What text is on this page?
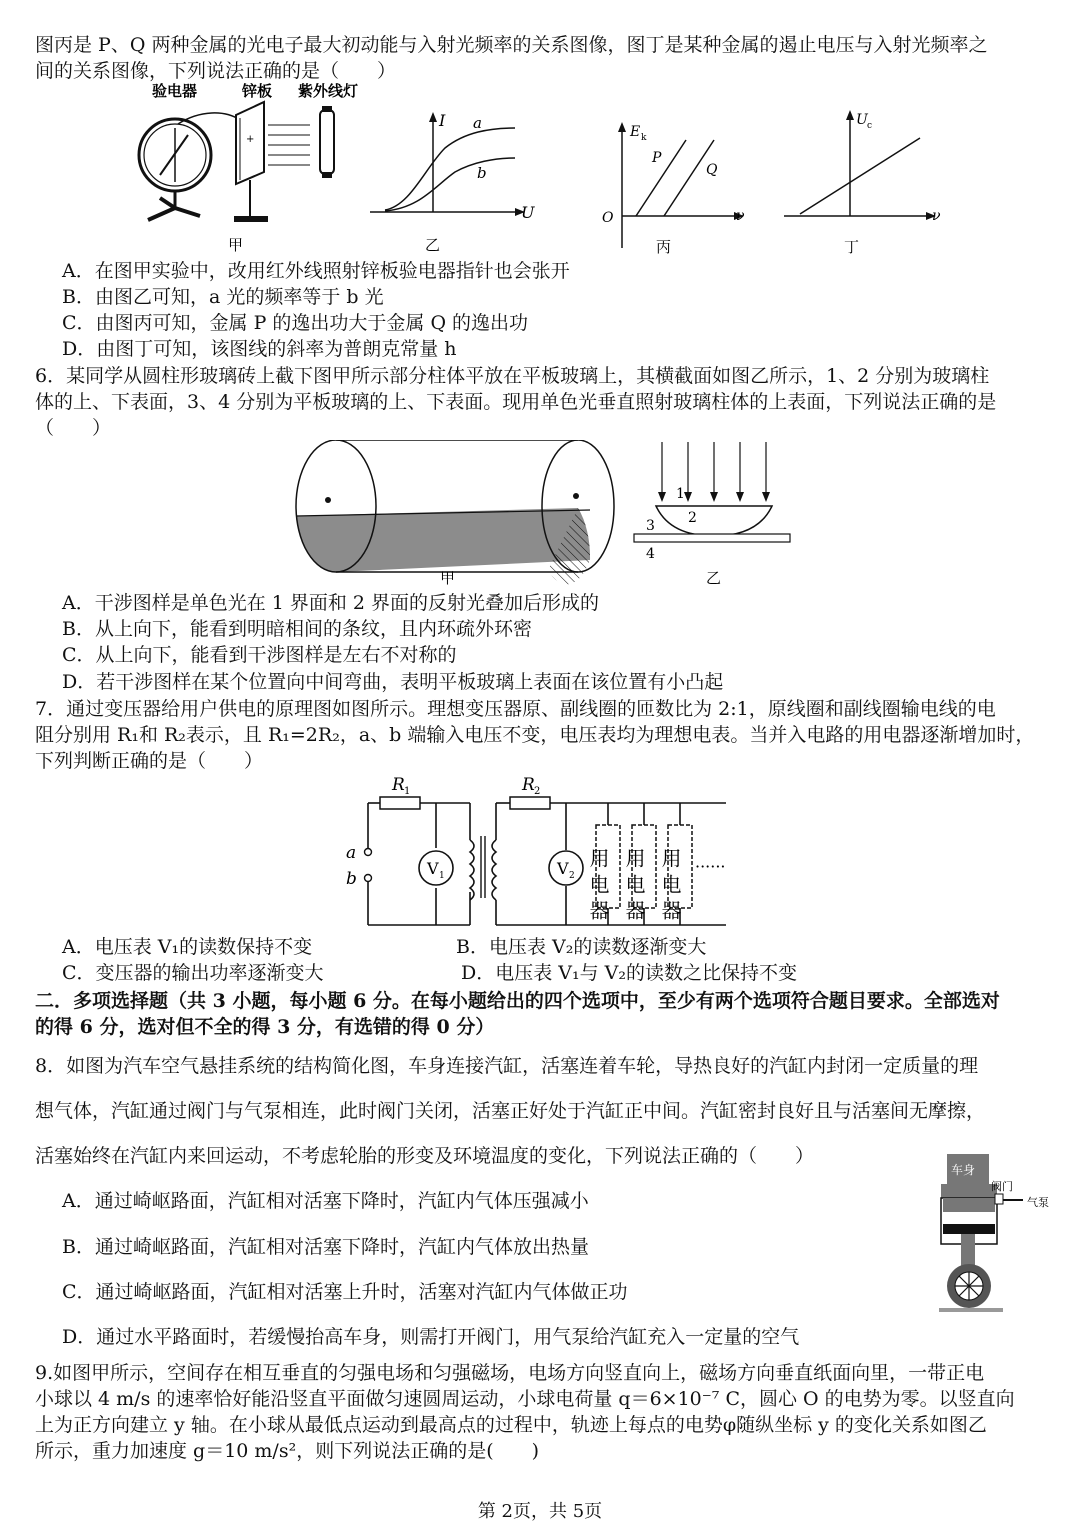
图丙是 P、Q 两种金属的光电子最大初动能与入射光频率的关系图像，图丁是某种金属的遏止电压与入射光频率之
间的关系图像，下列说法正确的是（　　）
验电器	锌板 紫外线灯
+
甲
I
U
a
b
乙
E k
O	ν
P
Q
丙
U c
ν
丁
A．在图甲实验中，改用红外线照射锌板验电器指针也会张开
B．由图乙可知，a 光的频率等于 b 光
C．由图丙可知，金属 P 的逸出功大于金属 Q 的逸出功
D．由图丁可知，该图线的斜率为普朗克常量 h
6．某同学从圆柱形玻璃砖上截下图甲所示部分柱体平放在平板玻璃上，其横截面如图乙所示，1、2 分别为玻璃柱
体的上、下表面，3、4 分别为平板玻璃的上、下表面。现用单色光垂直照射玻璃柱体的上表面，下列说法正确的是
（　　）
甲
1
2
3
4
乙
A．干涉图样是单色光在 1 界面和 2 界面的反射光叠加后形成的
B．从上向下，能看到明暗相间的条纹，且内环疏外环密
C．从上向下，能看到干涉图样是左右不对称的
D．若干涉图样在某个位置向中间弯曲，表明平板玻璃上表面在该位置有小凸起
7．通过变压器给用户供电的原理图如图所示。理想变压器原、副线圈的匝数比为 2:1，原线圈和副线圈输电线的电
阻分别用 R₁和 R₂表示，且 R₁=2R₂，a、b 端输入电压不变，电压表均为理想电表。当并入电路的用电器逐渐增加时，
下列判断正确的是（　　）
R 1	R 2
a
b
V 1	V 2 用电器 用电器 用电器 ······
A．电压表 V₁的读数保持不变	B．电压表 V₂的读数逐渐变大
C．变压器的输出功率逐渐变大	D．电压表 V₁与 V₂的读数之比保持不变
二．多项选择题（共 3 小题，每小题 6 分。在每小题给出的四个选项中，至少有两个选项符合题目要求。全部选对
的得 6 分，选对但不全的得 3 分，有选错的得 0 分）
8．如图为汽车空气悬挂系统的结构简化图，车身连接汽缸，活塞连着车轮，导热良好的汽缸内封闭一定质量的理
想气体，汽缸通过阀门与气泵相连，此时阀门关闭，活塞正好处于汽缸正中间。汽缸密封良好且与活塞间无摩擦，
活塞始终在汽缸内来回运动，不考虑轮胎的形变及环境温度的变化，下列说法正确的（　　）
车身
阀门
气泵
A．通过崎岖路面，汽缸相对活塞下降时，汽缸内气体压强减小
B．通过崎岖路面，汽缸相对活塞下降时，汽缸内气体放出热量
C．通过崎岖路面，汽缸相对活塞上升时，活塞对汽缸内气体做正功
D．通过水平路面时，若缓慢抬高车身，则需打开阀门，用气泵给汽缸充入一定量的空气
9.如图甲所示，空间存在相互垂直的匀强电场和匀强磁场，电场方向竖直向上，磁场方向垂直纸面向里，一带正电
小球以 4 m/s 的速率恰好能沿竖直平面做匀速圆周运动，小球电荷量 q＝6×10⁻⁷ C，圆心 O 的电势为零。以竖直向
上为正方向建立 y 轴。在小球从最低点运动到最高点的过程中，轨迹上每点的电势φ随纵坐标 y 的变化关系如图乙
所示，重力加速度 g＝10 m/s²，则下列说法正确的是(　　)
第 2页，共 5页
